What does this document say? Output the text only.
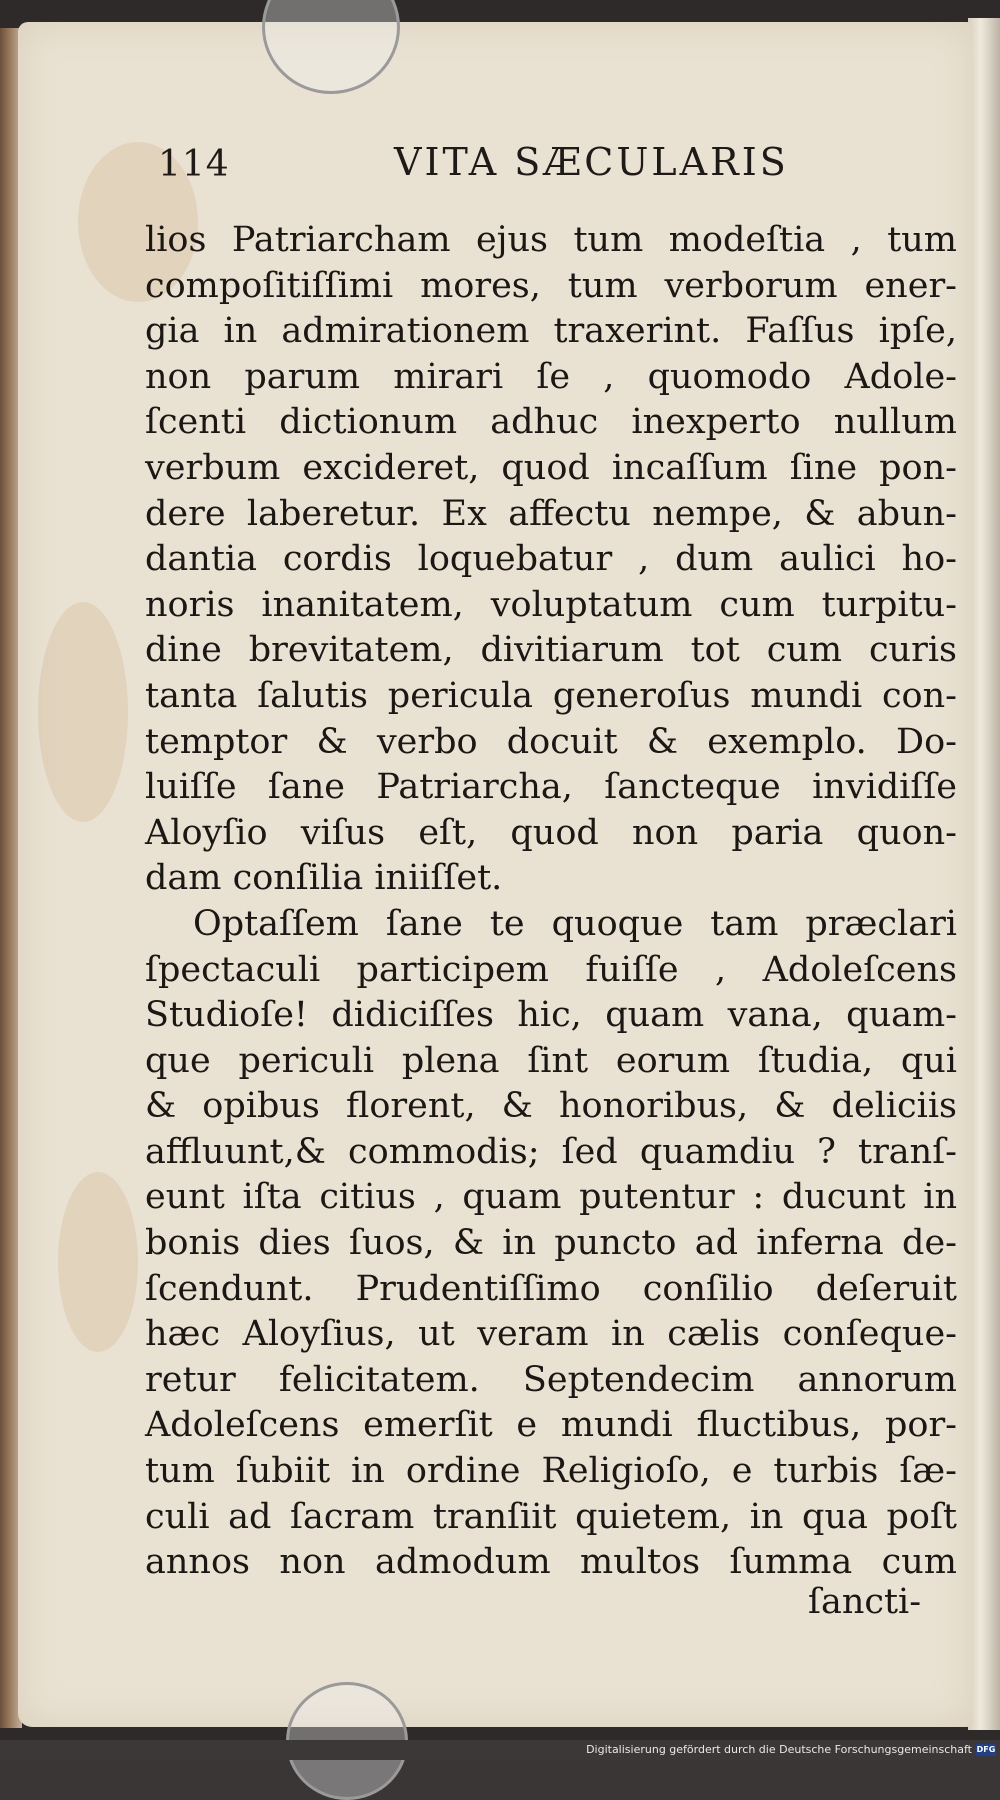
114	VITA SÆCULARIS
lios Patriarcham ejus tum modeſtia , tum
compoſitiſſimi mores, tum verborum ener-
gia in admirationem traxerint. Faſſus ipſe,
non parum mirari ſe , quomodo Adole-
ſcenti dictionum adhuc inexperto nullum
verbum excideret, quod incaſſum ſine pon-
dere laberetur. Ex affectu nempe, & abun-
dantia cordis loquebatur , dum aulici ho-
noris inanitatem, voluptatum cum turpitu-
dine brevitatem, divitiarum tot cum curis
tanta ſalutis pericula generoſus mundi con-
temptor & verbo docuit & exemplo. Do-
luiſſe ſane Patriarcha, ſancteque invidiſſe
Aloyſio viſus eſt, quod non paria quon-
dam conſilia iniiſſet.
Optaſſem ſane te quoque tam præclari
ſpectaculi participem fuiſſe , Adoleſcens
Studioſe! didiciſſes hic, quam vana, quam-
que periculi plena ſint eorum ſtudia, qui
& opibus florent, & honoribus, & deliciis
affluunt,& commodis; ſed quamdiu ? tranſ-
eunt iſta citius , quam putentur : ducunt in
bonis dies ſuos, & in puncto ad inferna de-
ſcendunt. Prudentiſſimo conſilio deſeruit
hæc Aloyſius, ut veram in cælis conſeque-
retur felicitatem. Septendecim annorum
Adoleſcens emerſit e mundi fluctibus, por-
tum ſubiit in ordine Religioſo, e turbis ſæ-
culi ad ſacram tranſiit quietem, in qua poſt
annos non admodum multos ſumma cum
ſancti-
Digitalisierung gefördert durch die Deutsche Forschungsgemeinschaft DFG
